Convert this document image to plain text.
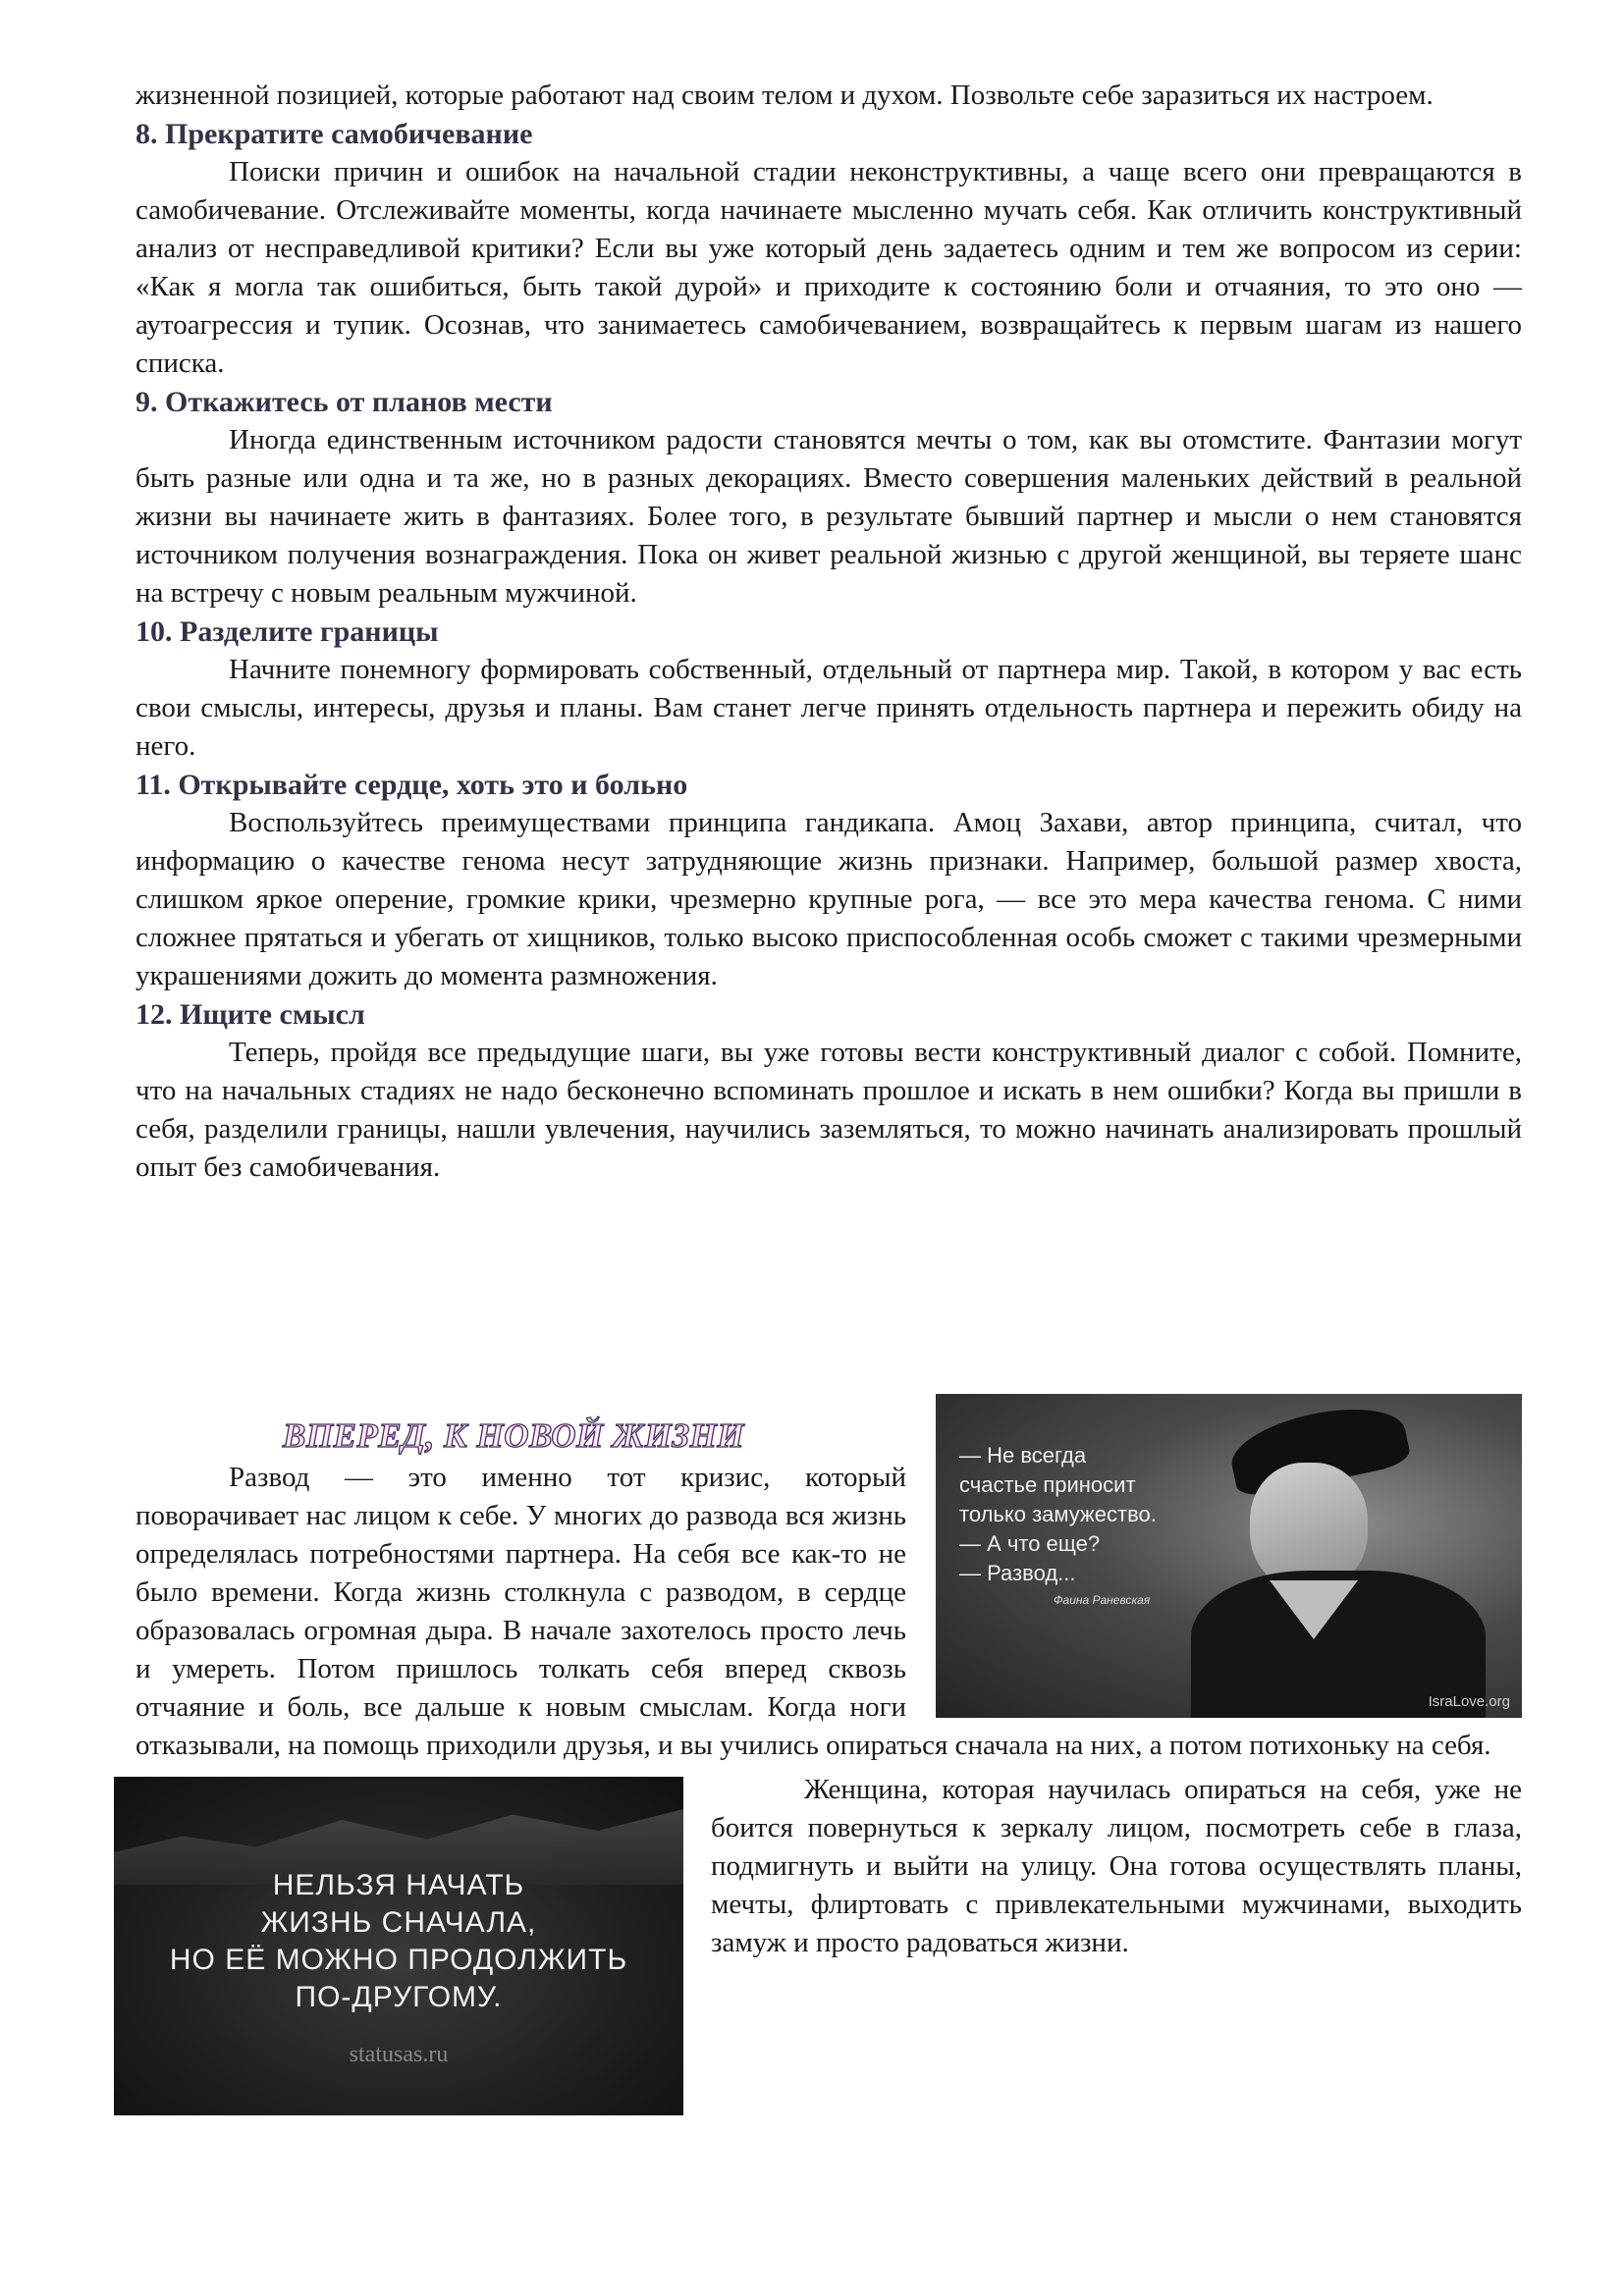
жизненной позицией, которые работают над своим телом и духом. Позвольте себе заразиться их настроем.

8. Прекратите самобичевание

Поиски причин и ошибок на начальной стадии неконструктивны, а чаще всего они превращаются в самобичевание. Отслеживайте моменты, когда начинаете мысленно мучать себя. Как отличить конструктивный анализ от несправедливой критики? Если вы уже который день задаетесь одним и тем же вопросом из серии: «Как я могла так ошибиться, быть такой дурой» и приходите к состоянию боли и отчаяния, то это оно — аутоагрессия и тупик. Осознав, что занимаетесь самобичеванием, возвращайтесь к первым шагам из нашего списка.

9. Откажитесь от планов мести

Иногда единственным источником радости становятся мечты о том, как вы отомстите. Фантазии могут быть разные или одна и та же, но в разных декорациях. Вместо совершения маленьких действий в реальной жизни вы начинаете жить в фантазиях. Более того, в результате бывший партнер и мысли о нем становятся источником получения вознаграждения. Пока он живет реальной жизнью с другой женщиной, вы теряете шанс на встречу с новым реальным мужчиной.

10. Разделите границы

Начните понемногу формировать собственный, отдельный от партнера мир. Такой, в котором у вас есть свои смыслы, интересы, друзья и планы. Вам станет легче принять отдельность партнера и пережить обиду на него.

11. Открывайте сердце, хоть это и больно

Воспользуйтесь преимуществами принципа гандикапа. Амоц Захави, автор принципа, считал, что информацию о качестве генома несут затрудняющие жизнь признаки. Например, большой размер хвоста, слишком яркое оперение, громкие крики, чрезмерно крупные рога, — все это мера качества генома. С ними сложнее прятаться и убегать от хищников, только высоко приспособленная особь сможет с такими чрезмерными украшениями дожить до момента размножения.

12. Ищите смысл

Теперь, пройдя все предыдущие шаги, вы уже готовы вести конструктивный диалог с собой. Помните, что на начальных стадиях не надо бесконечно вспоминать прошлое и искать в нем ошибки? Когда вы пришли в себя, разделили границы, нашли увлечения, научились заземляться, то можно начинать анализировать прошлый опыт без самобичевания.

— Не всегда
счастье приносит
только замужество.
— А что еще?
— Развод...
Фаина Раневская
IsraLove.org
ВПЕРЕД, К НОВОЙ ЖИЗНИ

Развод — это именно тот кризис, который поворачивает нас лицом к себе. У многих до развода вся жизнь определялась потребностями партнера. На себя все как-то не было времени. Когда жизнь столкнула с разводом, в сердце образовалась огромная дыра. В начале захотелось просто лечь и умереть. Потом пришлось толкать себя вперед сквозь отчаяние и боль, все дальше к новым смыслам. Когда ноги отказывали, на помощь приходили друзья, и вы учились опираться сначала на них, а потом потихоньку на себя.

НЕЛЬЗЯ НАЧАТЬ
ЖИЗНЬ СНАЧАЛА,
НО ЕЁ МОЖНО ПРОДОЛЖИТЬ
ПО-ДРУГОМУ.
statusas.ru

Женщина, которая научилась опираться на себя, уже не боится повернуться к зеркалу лицом, посмотреть себе в глаза, подмигнуть и выйти на улицу. Она готова осуществлять планы, мечты, флиртовать с привлекательными мужчинами, выходить замуж и просто радоваться жизни.
